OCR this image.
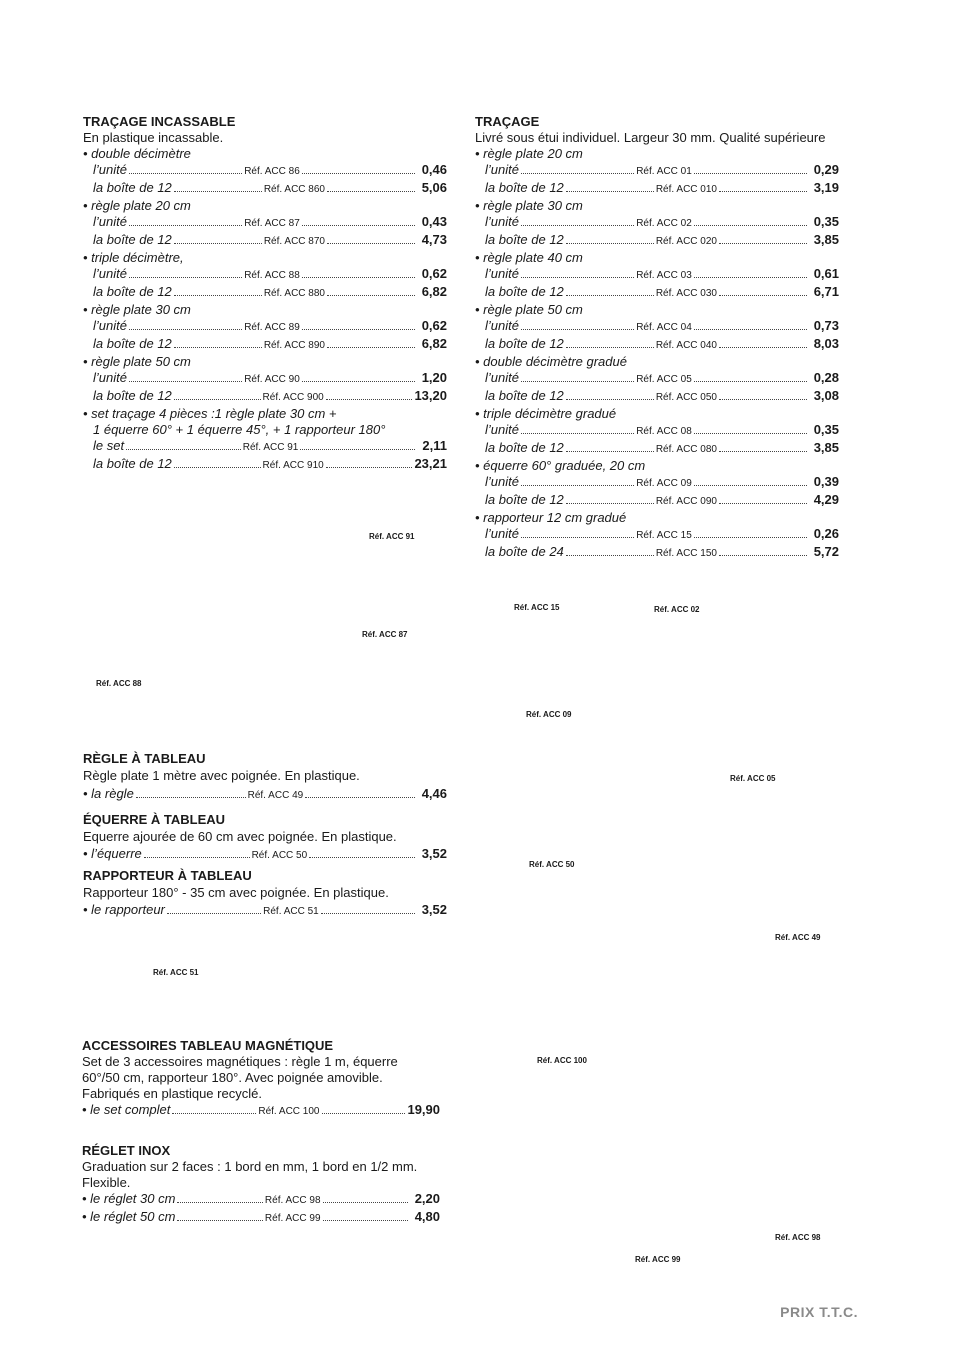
TRAÇAGE INCASSABLE
En plastique incassable.
• double décimètre
l’unité	Réf. ACC 86	0,46
la boîte de 12	Réf. ACC 860	5,06
• règle plate 20 cm
l’unité	Réf. ACC 87	0,43
la boîte de 12	Réf. ACC 870	4,73
• triple décimètre,
l’unité	Réf. ACC 88	0,62
la boîte de 12	Réf. ACC 880	6,82
• règle plate 30 cm
l’unité	Réf. ACC 89	0,62
la boîte de 12	Réf. ACC 890	6,82
• règle plate 50 cm
l’unité	Réf. ACC 90	1,20
la boîte de 12	Réf. ACC 900	13,20
• set traçage 4 pièces :1 règle plate 30 cm +
1 équerre 60° + 1 équerre 45°, + 1 rapporteur 180°
le set	Réf. ACC 91	2,11
la boîte de 12	Réf. ACC 910	23,21
TRAÇAGE
Livré sous étui individuel. Largeur 30 mm. Qualité supérieure
• règle plate 20 cm
l’unité	Réf. ACC 01	0,29
la boîte de 12	Réf. ACC 010	3,19
• règle plate 30 cm
l’unité	Réf. ACC 02	0,35
la boîte de 12	Réf. ACC 020	3,85
• règle plate 40 cm
l’unité	Réf. ACC 03	0,61
la boîte de 12	Réf. ACC 030	6,71
• règle plate 50 cm
l’unité	Réf. ACC 04	0,73
la boîte de 12	Réf. ACC 040	8,03
• double décimètre gradué
l’unité	Réf. ACC 05	0,28
la boîte de 12	Réf. ACC 050	3,08
• triple décimètre gradué
l’unité	Réf. ACC 08	0,35
la boîte de 12	Réf. ACC 080	3,85
• équerre 60° graduée, 20 cm
l’unité	Réf. ACC 09	0,39
la boîte de 12	Réf. ACC 090	4,29
• rapporteur 12 cm gradué
l’unité	Réf. ACC 15	0,26
la boîte de 24	Réf. ACC 150	5,72
RÈGLE À TABLEAU
Règle plate 1 mètre avec poignée. En plastique.
• la règle	Réf. ACC 49	4,46
ÉQUERRE À TABLEAU
Equerre ajourée de 60 cm avec poignée. En plastique.
• l’équerre	Réf. ACC 50	3,52
RAPPORTEUR À TABLEAU
Rapporteur 180° - 35 cm avec poignée. En plastique.
• le rapporteur	Réf. ACC 51	3,52
ACCESSOIRES TABLEAU MAGNÉTIQUE
Set de 3 accessoires magnétiques : règle 1 m, équerre
60°/50 cm, rapporteur 180°. Avec poignée amovible.
Fabriqués en plastique recyclé.
• le set complet	Réf. ACC 100	19,90
RÉGLET INOX
Graduation sur 2 faces : 1 bord en mm, 1 bord en 1/2 mm.
Flexible.
• le réglet 30 cm	Réf. ACC 98	2,20
• le réglet 50 cm	Réf. ACC 99	4,80
Réf. ACC 91
Réf. ACC 87
Réf. ACC 88
Réf. ACC 15	Réf. ACC 02
Réf. ACC 09
Réf. ACC 05
Réf. ACC 50
Réf. ACC 49
Réf. ACC 51
Réf. ACC 100
Réf. ACC 98
Réf. ACC 99
PRIX T.T.C.
